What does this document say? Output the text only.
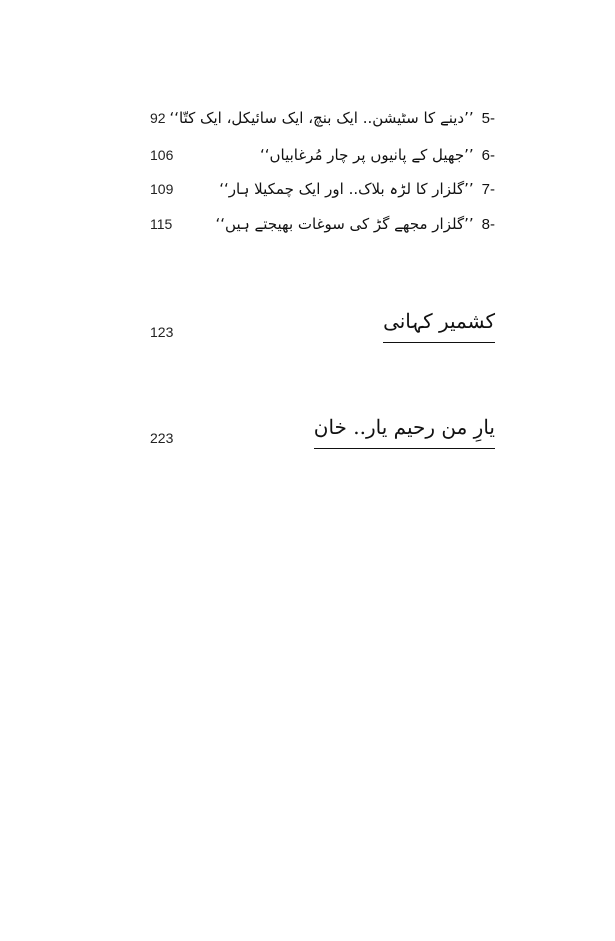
92 ’’دینے کا سٹیشن.. ایک بنچ، ایک سائیکل، ایک کتّا‘‘ 5-
106	’’جھیل کے پانیوں پر چار مُرغابیاں‘‘ 6-
109	’’گلزار کا لڑہ بلاک.. اور ایک چمکیلا ہار‘‘ 7-
115	’’گلزار مجھے گڑ کی سوغات بھیجتے ہیں‘‘ 8-
123	کشمیر کہانی
223	یارِ من رحیم یار.. خان
